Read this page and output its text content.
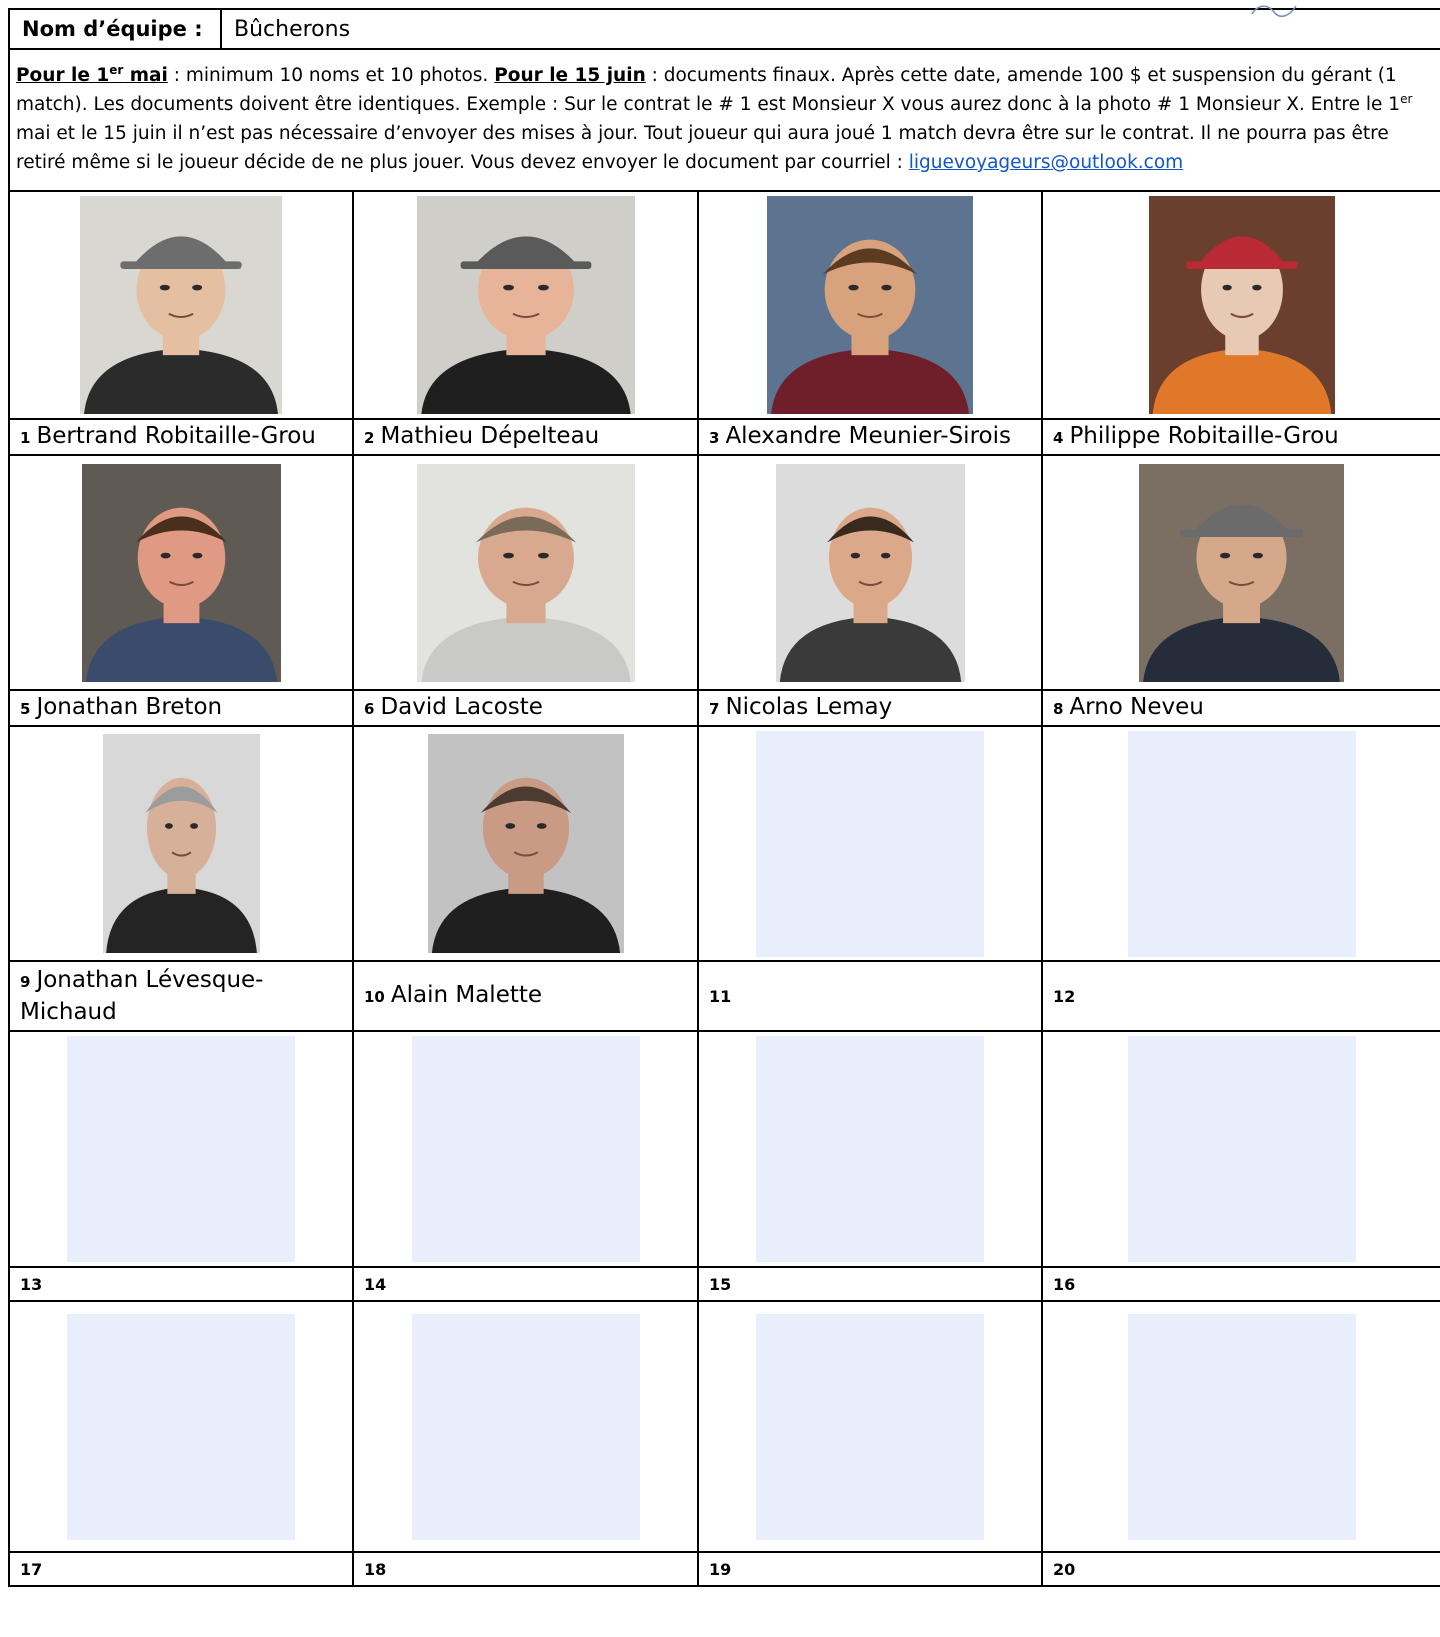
Nom d’équipe :	Bûcherons
Pour le 1er mai : minimum 10 noms et 10 photos. Pour le 15 juin : documents finaux. Après cette date, amende 100 $ et suspension du gérant (1 match). Les documents doivent être identiques. Exemple : Sur le contrat le # 1 est Monsieur X vous aurez donc à la photo # 1 Monsieur X. Entre le 1er mai et le 15 juin il n’est pas nécessaire d’envoyer des mises à jour. Tout joueur qui aura joué 1 match devra être sur le contrat. Il ne pourra pas être retiré même si le joueur décide de ne plus jouer. Vous devez envoyer le document par courriel : liguevoyageurs@outlook.com

1 Bertrand Robitaille-Grou	2 Mathieu Dépelteau	3 Alexandre Meunier-Sirois	4 Philippe Robitaille-Grou

5 Jonathan Breton	6 David Lacoste	7 Nicolas Lemay	8 Arno Neveu

9 Jonathan Lévesque-Michaud	10 Alain Malette	11	12

13	14	15	16

17	18	19	20
